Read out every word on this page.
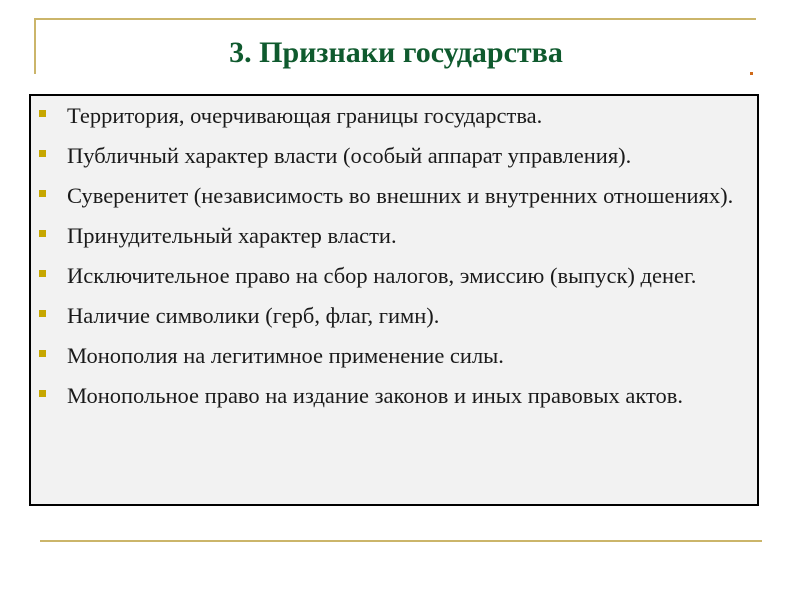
3. Признаки государства
Территория, очерчивающая границы государства.
Публичный характер власти (особый аппарат управления).
Суверенитет (независимость во внешних и внутренних отношениях).
Принудительный характер власти.
Исключительное право на сбор налогов, эмиссию (выпуск) денег.
Наличие символики (герб, флаг, гимн).
Монополия на легитимное применение силы.
Монопольное право на издание законов и иных правовых актов.
